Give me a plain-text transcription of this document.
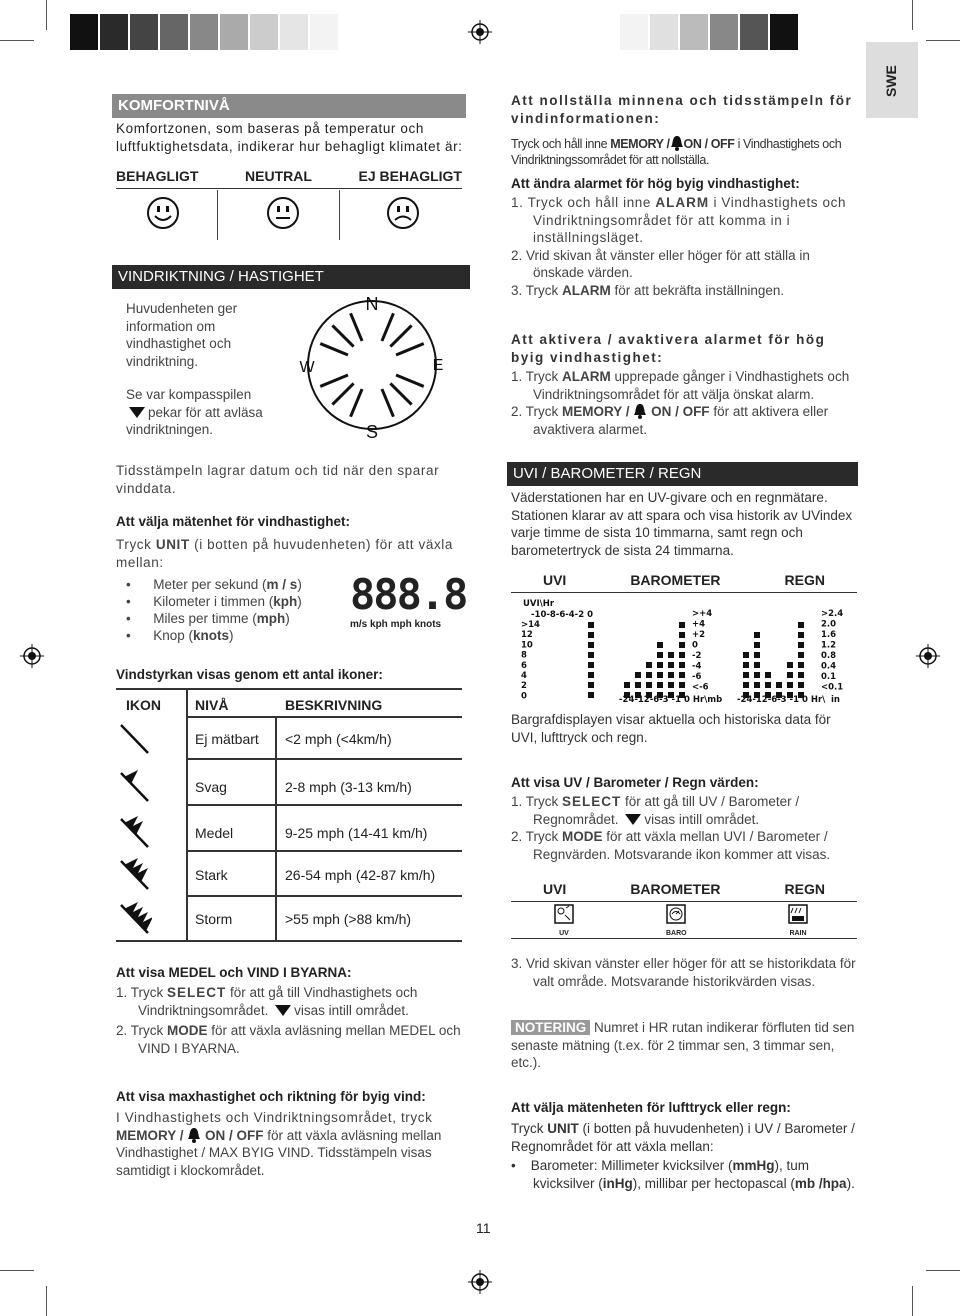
SWE
KOMFORTNIVÅ
Komfortzonen, som baseras på temperatur och luftfuktighetsdata, indikerar hur behagligt klimatet är:
BEHAGLIGT	NEUTRAL	EJ BEHAGLIGT
VINDRIKTNING / HASTIGHET
Huvudenheten ger information om vindhastighet och vindriktning.
Se var kompasspilen
pekar för att avläsa vindriktningen.
N
S
W	E
Tidsstämpeln lagrar datum och tid när den sparar vinddata.
Att välja mätenhet för vindhastighet:
Tryck UNIT (i botten på huvudenheten) för att växla mellan:
•      Meter per sekund (m / s)
•      Kilometer i timmen (kph)
•      Miles per timme (mph)
•      Knop (knots)
888.8
m/s kph mph knots
Vindstyrkan visas genom ett antal ikoner:
IKON NIVÅ	BESKRIVNING
Ej mätbart <2 mph (<4km/h)
Svag	2-8 mph (3-13 km/h)
Medel	9-25 mph (14-41 km/h)
Stark	26-54 mph (42-87 km/h)
Storm	>55 mph (>88 km/h)
Att visa MEDEL och VIND I BYARNA:
1. Tryck SELECT för att gå till Vindhastighets och Vindriktningsområdet. visas intill området.
2. Tryck MODE för att växla avläsning mellan MEDEL och VIND I BYARNA.
Att visa maxhastighet och riktning för byig vind:
I Vindhastighets och Vindriktningsområdet, tryck
MEMORY / ON / OFF för att växla avläsning mellan Vindhastighet / MAX BYIG VIND. Tidsstämpeln visas samtidigt i klockområdet.
Att nollställa minnena och tidsstämpeln för vindinformationen:
Tryck och håll inne MEMORY / ON / OFF i Vindhastighets och Vindriktningssområdet för att nollställa.
Att ändra alarmet för hög byig vindhastighet:
1. Tryck och håll inne ALARM i Vindhastighets och Vindriktningsområdet för att komma in i inställningsläget.
2. Vrid skivan åt vänster eller höger för att ställa in önskade värden.
3. Tryck ALARM för att bekräfta inställningen.
Att aktivera / avaktivera alarmet för hög byig vindhastighet:
1. Tryck ALARM upprepade gånger i Vindhastighets och Vindriktningsområdet för att välja önskat alarm.
2. Tryck MEMORY / ON / OFF för att aktivera eller avaktivera alarmet.
UVI / BAROMETER / REGN
Väderstationen har en UV-givare och en regnmätare. Stationen klarar av att spara och visa historik av UVindex varje timme de sista 10 timmarna, samt regn och barometertryck de sista 24 timmarna.
UVI	BAROMETER	REGN
UVI\Hr
-10-8-6-4-2 0
>14
12
10
8
6
4
2
0
>+4
+4
+2
0
-2
-4
-6
<-6
-24-12-6-3 -1 0 Hr\mb
>2.4
2.0
1.6
1.2
0.8
0.4
0.1
<0.1
-24-12-6-3 -1 0 Hr\ in
Bargrafdisplayen visar aktuella och historiska data för UVI, lufttryck och regn.
Att visa UV / Barometer / Regn värden:
1. Tryck SELECT för att gå till UV / Barometer / Regnområdet. visas intill området.
2. Tryck MODE för att växla mellan UVI / Barometer / Regnvärden. Motsvarande ikon kommer att visas.
UVI	BAROMETER	REGN
UV	BARO	RAIN
3. Vrid skivan vänster eller höger för att se historikdata för valt område. Motsvarande historikvärden visas.
NOTERING Numret i HR rutan indikerar förfluten tid sen senaste mätning (t.ex. för 2 timmar sen, 3 timmar sen, etc.).
Att välja mätenheten för lufttryck eller regn:
Tryck UNIT (i botten på huvudenheten) i UV / Barometer / Regnområdet för att växla mellan:
•    Barometer: Millimeter kvicksilver (mmHg), tum kvicksilver (inHg), millibar per hectopascal (mb /hpa).
11
